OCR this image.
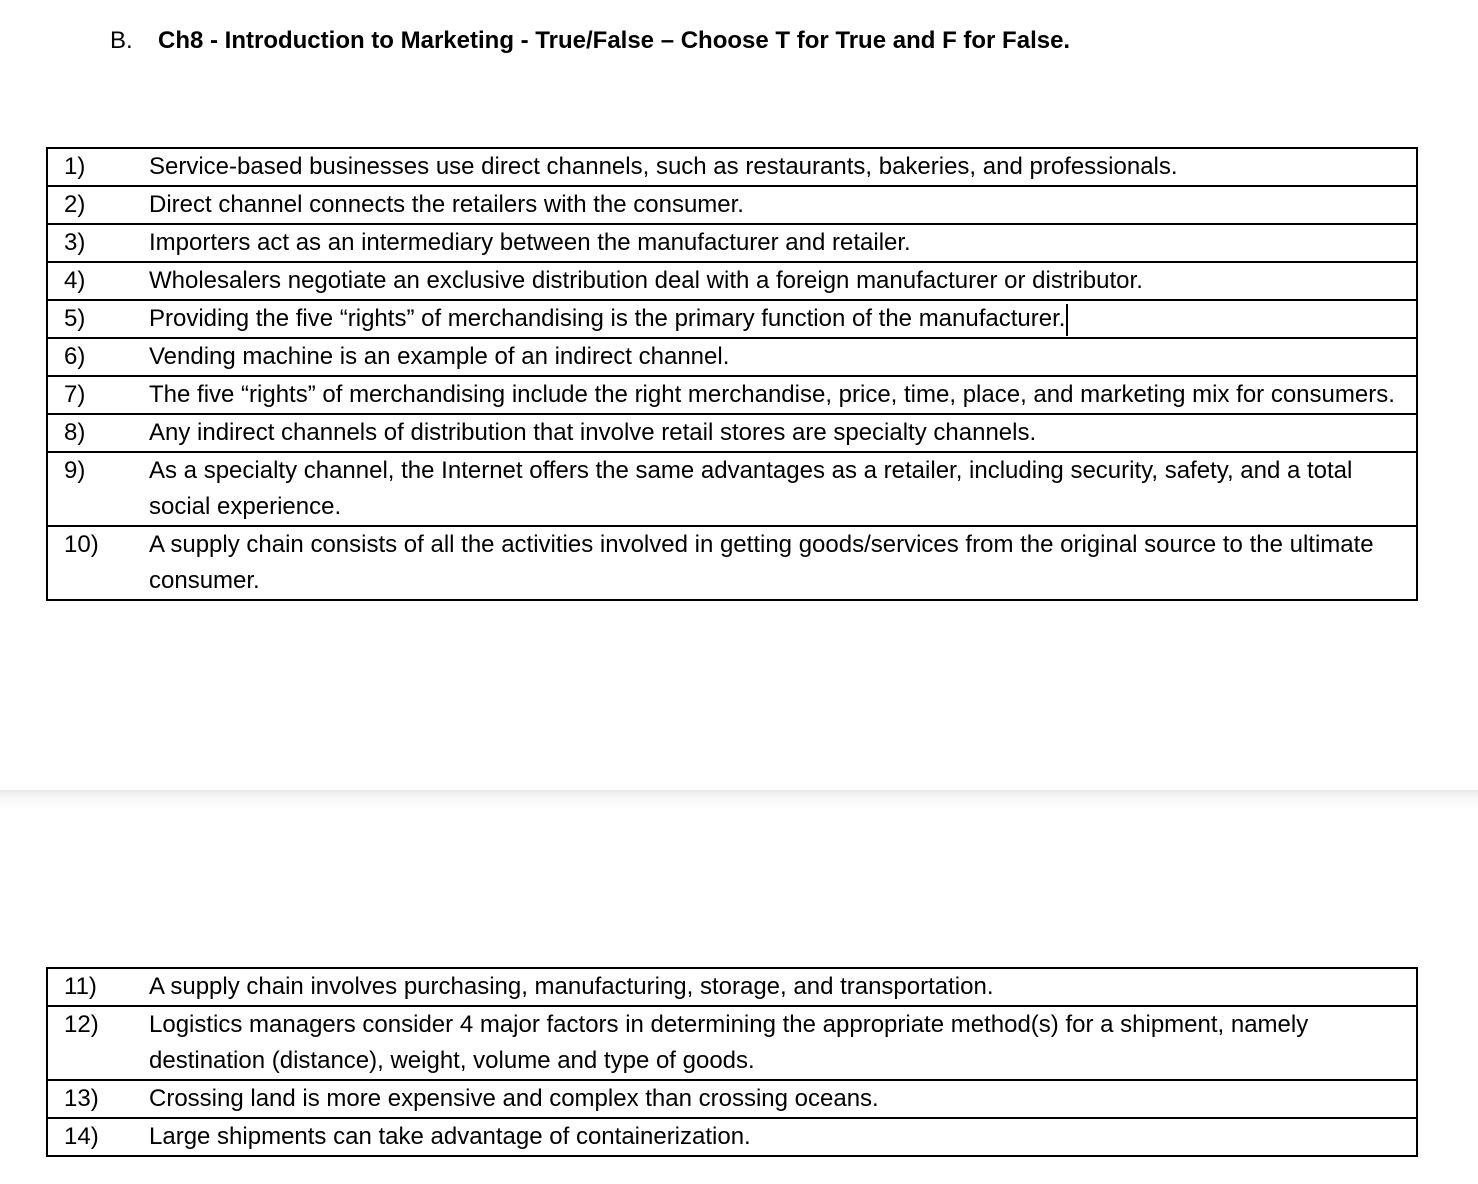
B. Ch8 - Introduction to Marketing - True/False – Choose T for True and F for False.
1)	Service-based businesses use direct channels, such as restaurants, bakeries, and professionals.
2)	Direct channel connects the retailers with the consumer.
3)	Importers act as an intermediary between the manufacturer and retailer.
4)	Wholesalers negotiate an exclusive distribution deal with a foreign manufacturer or distributor.
5)	Providing the five “rights” of merchandising is the primary function of the manufacturer.
6)	Vending machine is an example of an indirect channel.
7)	The five “rights” of merchandising include the right merchandise, price, time, place, and marketing mix for consumers.
8)	Any indirect channels of distribution that involve retail stores are specialty channels.
9)	As a specialty channel, the Internet offers the same advantages as a retailer, including security, safety, and a total social experience.
10)	A supply chain consists of all the activities involved in getting goods/services from the original source to the ultimate consumer.
11)	A supply chain involves purchasing, manufacturing, storage, and transportation.
12)	Logistics managers consider 4 major factors in determining the appropriate method(s) for a shipment, namely destination (distance), weight, volume and type of goods.
13)	Crossing land is more expensive and complex than crossing oceans.
14)	Large shipments can take advantage of containerization.
